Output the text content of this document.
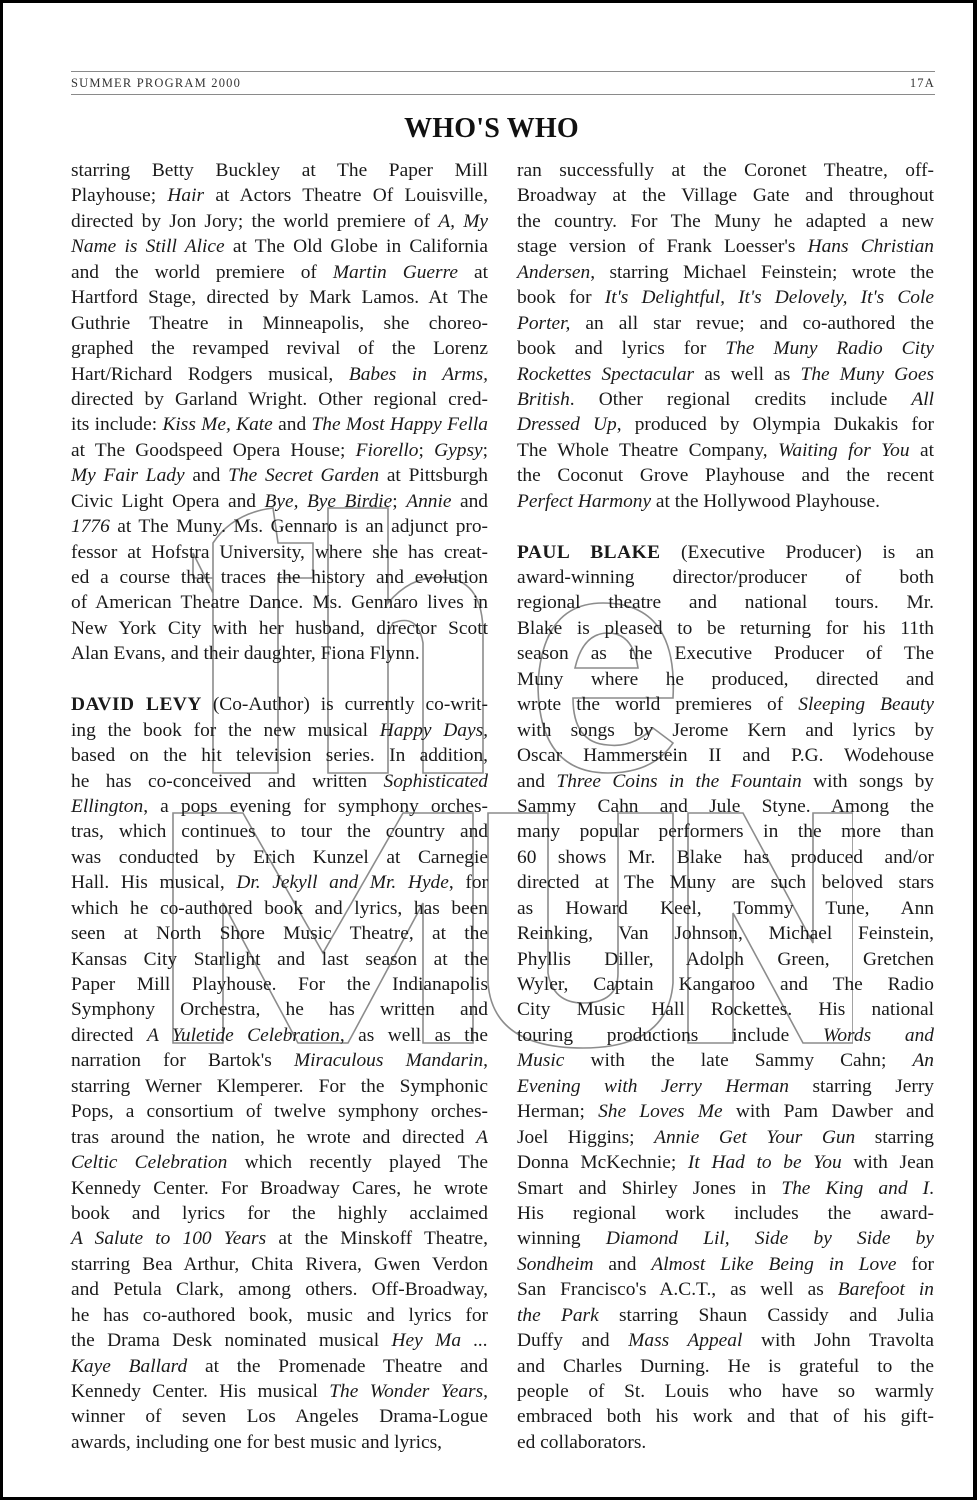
SUMMER PROGRAM 2000	17A
WHO'S WHO
starring Betty Buckley at The Paper Mill
Playhouse; Hair at Actors Theatre Of Louisville,
directed by Jon Jory; the world premiere of A, My
Name is Still Alice at The Old Globe in California
and the world premiere of Martin Guerre at
Hartford Stage, directed by Mark Lamos. At The
Guthrie Theatre in Minneapolis, she choreo-
graphed the revamped revival of the Lorenz
Hart/Richard Rodgers musical, Babes in Arms,
directed by Garland Wright. Other regional cred-
its include: Kiss Me, Kate and The Most Happy Fella
at The Goodspeed Opera House; Fiorello; Gypsy;
My Fair Lady and The Secret Garden at Pittsburgh
Civic Light Opera and Bye, Bye Birdie; Annie and
1776 at The Muny. Ms. Gennaro is an adjunct pro-
fessor at Hofstra University, where she has creat-
ed a course that traces the history and evolution
of American Theatre Dance. Ms. Gennaro lives in
New York City with her husband, director Scott
Alan Evans, and their daughter, Fiona Flynn.
DAVID LEVY (Co-Author) is currently co-writ-
ing the book for the new musical Happy Days,
based on the hit television series. In addition,
he has co-conceived and written Sophisticated
Ellington, a pops evening for symphony orches-
tras, which continues to tour the country and
was conducted by Erich Kunzel at Carnegie
Hall. His musical, Dr. Jekyll and Mr. Hyde, for
which he co-authored book and lyrics, has been
seen at North Shore Music Theatre, at the
Kansas City Starlight and last season at the
Paper Mill Playhouse. For the Indianapolis
Symphony Orchestra, he has written and
directed A Yuletide Celebration, as well as the
narration for Bartok's Miraculous Mandarin,
starring Werner Klemperer. For the Symphonic
Pops, a consortium of twelve symphony orches-
tras around the nation, he wrote and directed A
Celtic Celebration which recently played The
Kennedy Center. For Broadway Cares, he wrote
book and lyrics for the highly acclaimed
A Salute to 100 Years at the Minskoff Theatre,
starring Bea Arthur, Chita Rivera, Gwen Verdon
and Petula Clark, among others. Off-Broadway,
he has co-authored book, music and lyrics for
the Drama Desk nominated musical Hey Ma ...
Kaye Ballard at the Promenade Theatre and
Kennedy Center. His musical The Wonder Years,
winner of seven Los Angeles Drama-Logue
awards, including one for best music and lyrics,
ran successfully at the Coronet Theatre, off-
Broadway at the Village Gate and throughout
the country. For The Muny he adapted a new
stage version of Frank Loesser's Hans Christian
Andersen, starring Michael Feinstein; wrote the
book for It's Delightful, It's Delovely, It's Cole
Porter, an all star revue; and co-authored the
book and lyrics for The Muny Radio City
Rockettes Spectacular as well as The Muny Goes
British. Other regional credits include All
Dressed Up, produced by Olympia Dukakis for
The Whole Theatre Company, Waiting for You at
the Coconut Grove Playhouse and the recent
Perfect Harmony at the Hollywood Playhouse.
PAUL BLAKE (Executive Producer) is an
award-winning director/producer of both
regional theatre and national tours. Mr.
Blake is pleased to be returning for his 11th
season as the Executive Producer of The
Muny where he produced, directed and
wrote the world premieres of Sleeping Beauty
with songs by Jerome Kern and lyrics by
Oscar Hammerstein II and P.G. Wodehouse
and Three Coins in the Fountain with songs by
Sammy Cahn and Jule Styne. Among the
many popular performers in the more than
60 shows Mr. Blake has produced and/or
directed at The Muny are such beloved stars
as Howard Keel, Tommy Tune, Ann
Reinking, Van Johnson, Michael Feinstein,
Phyllis Diller, Adolph Green, Gretchen
Wyler, Captain Kangaroo and The Radio
City Music Hall Rockettes. His national
touring productions include Words and
Music with the late Sammy Cahn; An
Evening with Jerry Herman starring Jerry
Herman; She Loves Me with Pam Dawber and
Joel Higgins; Annie Get Your Gun starring
Donna McKechnie; It Had to be You with Jean
Smart and Shirley Jones in The King and I.
His regional work includes the award-
winning Diamond Lil, Side by Side by
Sondheim and Almost Like Being in Love for
San Francisco's A.C.T., as well as Barefoot in
the Park starring Shaun Cassidy and Julia
Duffy and Mass Appeal with John Travolta
and Charles Durning. He is grateful to the
people of St. Louis who have so warmly
embraced both his work and that of his gift-
ed collaborators.
